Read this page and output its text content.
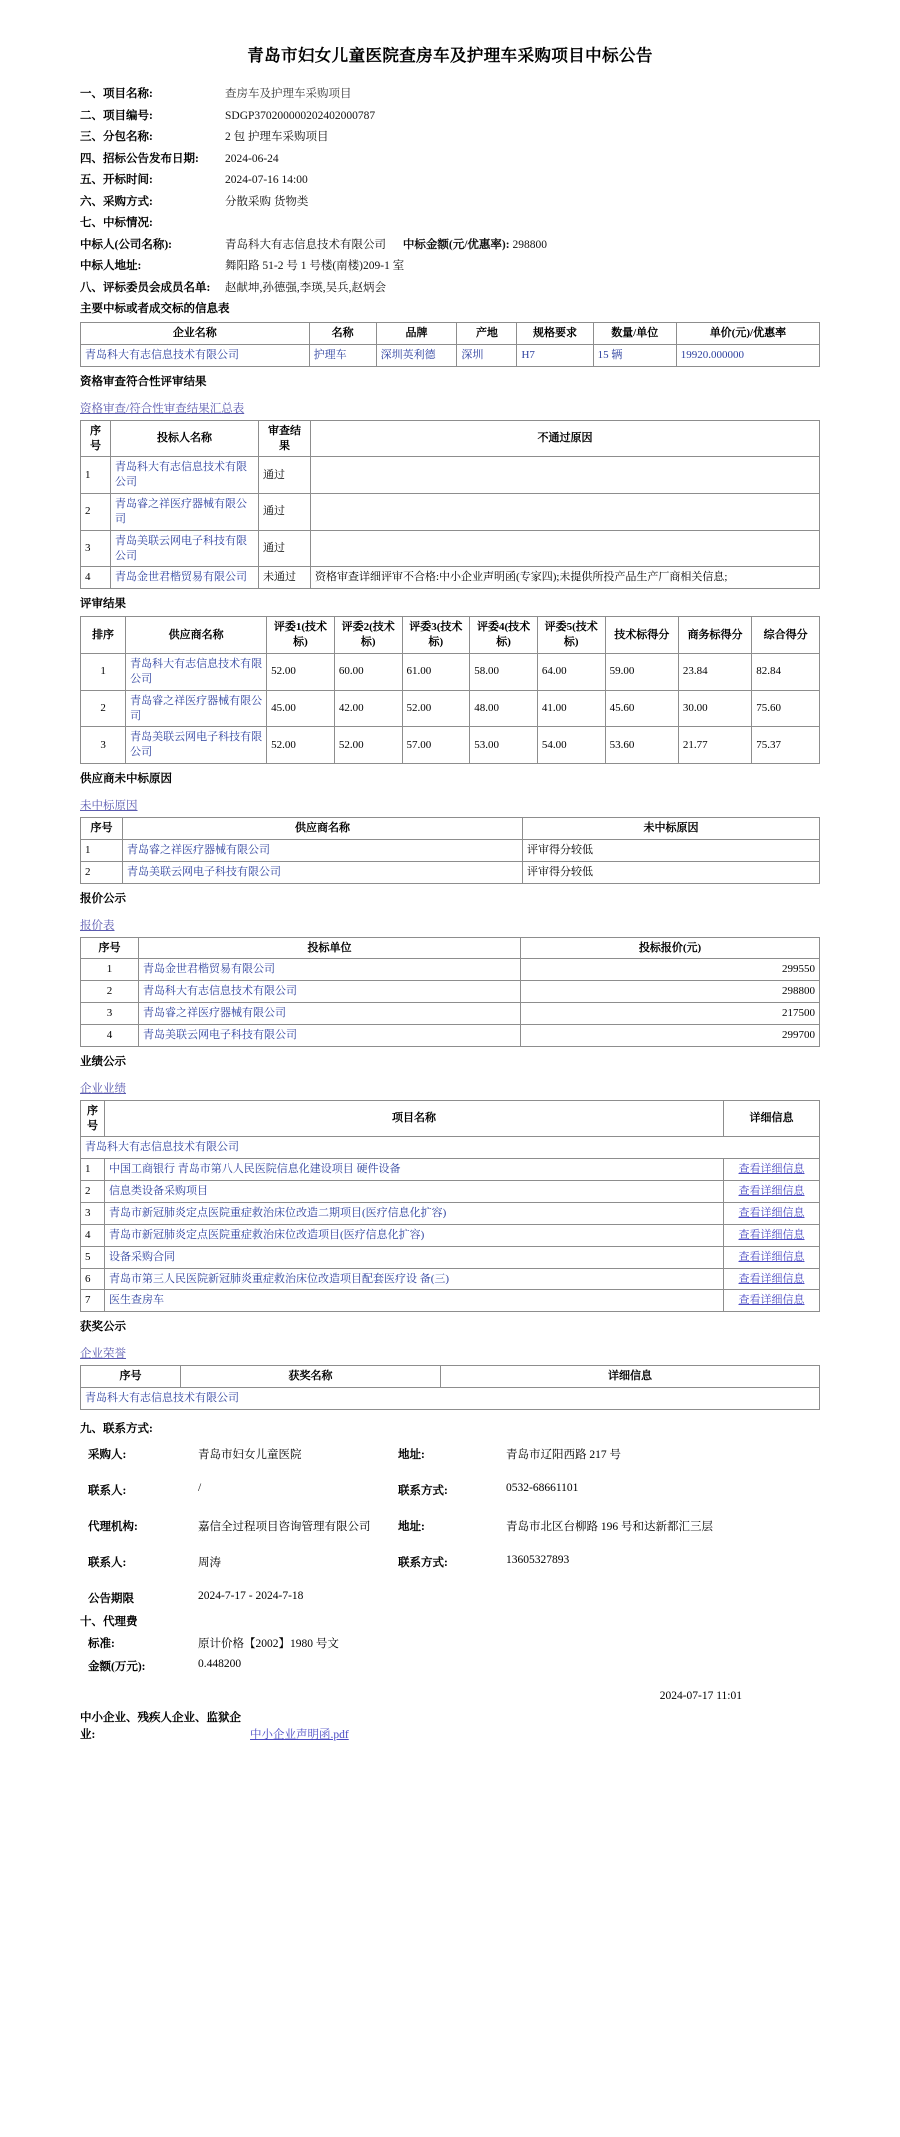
青岛市妇女儿童医院查房车及护理车采购项目中标公告
一、项目名称:	查房车及护理车采购项目
二、项目编号:	SDGP370200000202402000787
三、分包名称:	2 包 护理车采购项目
四、招标公告发布日期:	2024-06-24
五、开标时间:	2024-07-16 14:00
六、采购方式:	分散采购 货物类
七、中标情况:
中标人(公司名称):	青岛科大有志信息技术有限公司 中标金额(元/优惠率): 298800
中标人地址:	舞阳路 51-2 号 1 号楼(南楼)209-1 室
八、评标委员会成员名单:	赵献坤,孙德强,李瑛,吴兵,赵炳会
主要中标或者成交标的信息表
企业名称	名称	品牌	产地	规格要求	数量/单位	单价(元)/优惠率
青岛科大有志信息技术有限公司	护理车	深圳英利德	深圳	H7	15 辆	19920.000000
资格审查符合性评审结果
资格审查/符合性审查结果汇总表
序号	投标人名称	审查结果	不通过原因
1	青岛科大有志信息技术有限公司	通过	
2	青岛睿之祥医疗器械有限公司	通过	
3	青岛美联云网电子科技有限公司	通过	
4	青岛金世君楷贸易有限公司	未通过	资格审查详细评审不合格:中小企业声明函(专家四);未提供所投产品生产厂商相关信息;
评审结果
排序	供应商名称	评委1(技术标)	评委2(技术标)	评委3(技术标)	评委4(技术标)	评委5(技术标)	技术标得分	商务标得分	综合得分
1	青岛科大有志信息技术有限公司	52.00	60.00	61.00	58.00	64.00	59.00	23.84	82.84
2	青岛睿之祥医疗器械有限公司	45.00	42.00	52.00	48.00	41.00	45.60	30.00	75.60
3	青岛美联云网电子科技有限公司	52.00	52.00	57.00	53.00	54.00	53.60	21.77	75.37
供应商未中标原因
未中标原因
序号	供应商名称	未中标原因
1	青岛睿之祥医疗器械有限公司	评审得分较低
2	青岛美联云网电子科技有限公司	评审得分较低
报价公示
报价表
序号	投标单位	投标报价(元)
1	青岛金世君楷贸易有限公司	299550
2	青岛科大有志信息技术有限公司	298800
3	青岛睿之祥医疗器械有限公司	217500
4	青岛美联云网电子科技有限公司	299700
业绩公示
企业业绩
序号	项目名称	详细信息
青岛科大有志信息技术有限公司		
1	中国工商银行 青岛市第八人民医院信息化建设项目 硬件设备	查看详细信息
2	信息类设备采购项目	查看详细信息
3	青岛市新冠肺炎定点医院重症救治床位改造二期项目(医疗信息化扩容)	查看详细信息
4	青岛市新冠肺炎定点医院重症救治床位改造项目(医疗信息化扩容)	查看详细信息
5	设备采购合同	查看详细信息
6	青岛市第三人民医院新冠肺炎重症救治床位改造项目配套医疗设 备(三)	查看详细信息
7	医生查房车	查看详细信息
获奖公示
企业荣誉
序号	获奖名称	详细信息
青岛科大有志信息技术有限公司
九、联系方式:
采购人:	青岛市妇女儿童医院	地址:	青岛市辽阳西路 217 号
联系人:	/	联系方式:	0532-68661101
代理机构:	嘉信全过程项目咨询管理有限公司	地址:	青岛市北区台柳路 196 号和达新都汇三层
联系人:	周涛	联系方式:	13605327893
公告期限	2024-7-17 - 2024-7-18
十、代理费
标准:	原计价格【2002】1980 号文
金额(万元):	0.448200
2024-07-17 11:01
中小企业、残疾人企业、监狱企业:	中小企业声明函.pdf
